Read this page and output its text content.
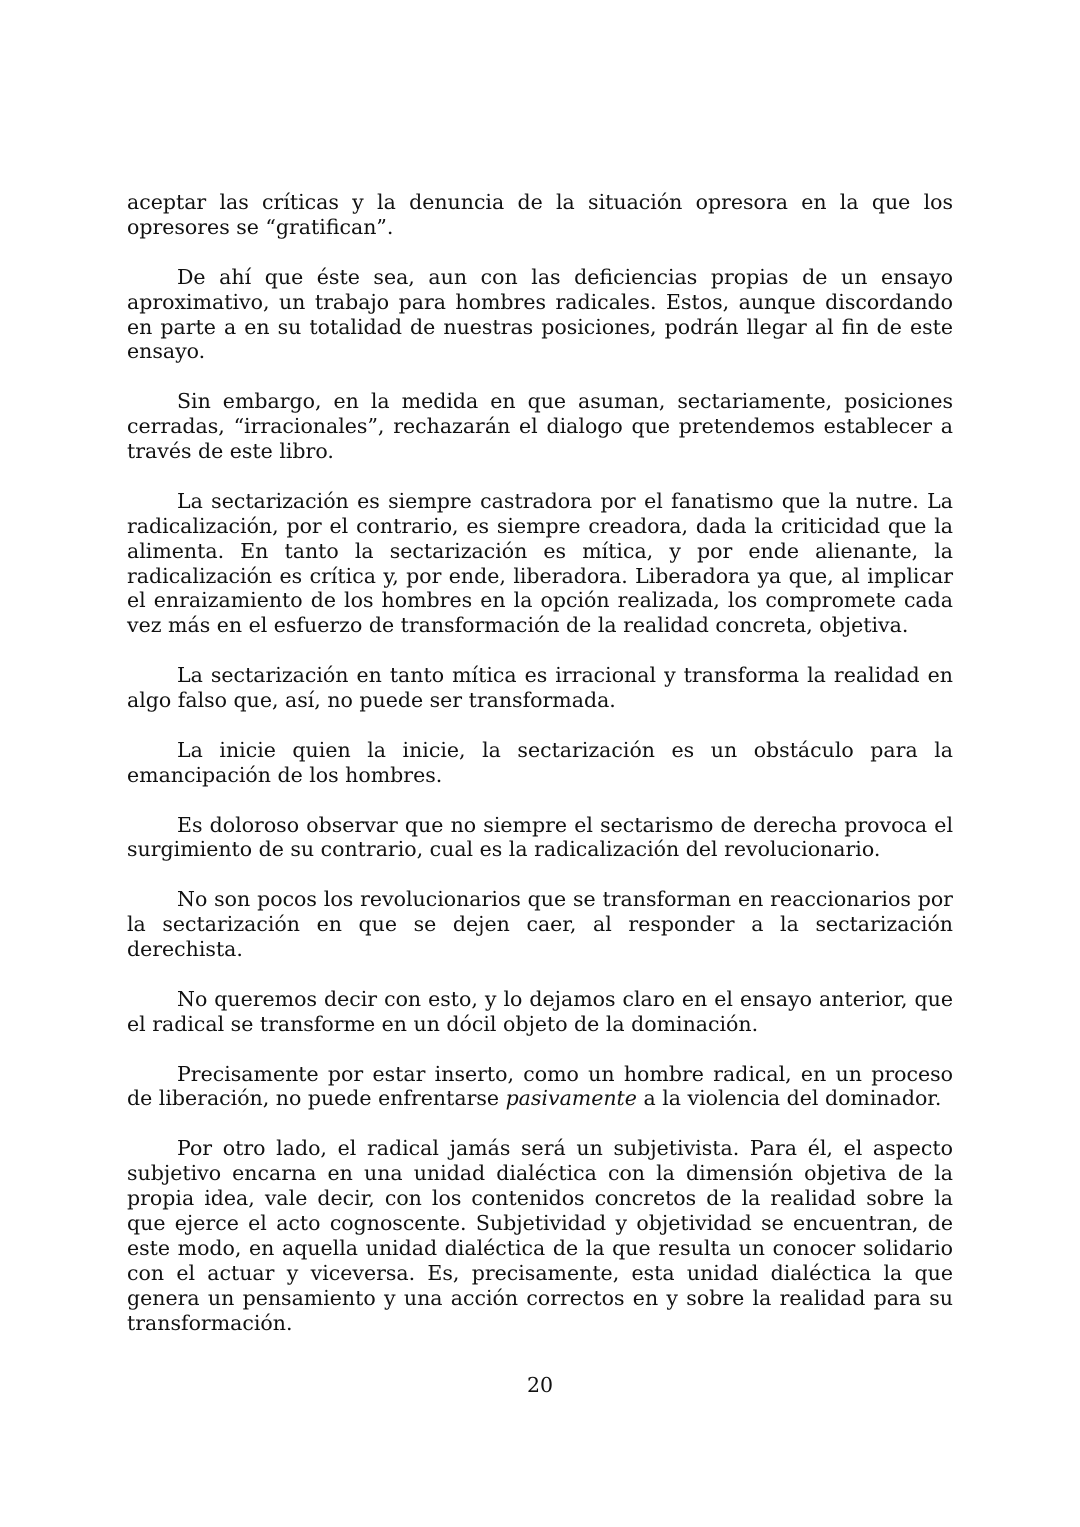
aceptar las críticas y la denuncia de la situación opresora en la que los opresores se “gratifican”.

De ahí que éste sea, aun con las deficiencias propias de un ensayo aproximativo, un trabajo para hombres radicales. Estos, aunque discordando en parte a en su totalidad de nuestras posiciones, podrán llegar al fin de este ensayo.

Sin embargo, en la medida en que asuman, sectariamente, posiciones cerradas, “irracionales”, rechazarán el dialogo que pretendemos establecer a través de este libro.

La sectarización es siempre castradora por el fanatismo que la nutre. La radicalización, por el contrario, es siempre creadora, dada la criticidad que la alimenta. En tanto la sectarización es mítica, y por ende alienante, la radicalización es crítica y, por ende, liberadora. Liberadora ya que, al implicar el enraizamiento de los hombres en la opción realizada, los compromete cada vez más en el esfuerzo de transformación de la realidad concreta, objetiva.

La sectarización en tanto mítica es irracional y transforma la realidad en algo falso que, así, no puede ser transformada.

La inicie quien la inicie, la sectarización es un obstáculo para la emancipación de los hombres.

Es doloroso observar que no siempre el sectarismo de derecha provoca el surgimiento de su contrario, cual es la radicalización del revolucionario.

No son pocos los revolucionarios que se transforman en reaccionarios por la sectarización en que se dejen caer, al responder a la sectarización derechista.

No queremos decir con esto, y lo dejamos claro en el ensayo anterior, que el radical se transforme en un dócil objeto de la dominación.

Precisamente por estar inserto, como un hombre radical, en un proceso de liberación, no puede enfrentarse pasivamente a la violencia del dominador.

Por otro lado, el radical jamás será un subjetivista. Para él, el aspecto subjetivo encarna en una unidad dialéctica con la dimensión objetiva de la propia idea, vale decir, con los contenidos concretos de la realidad sobre la que ejerce el acto cognoscente. Subjetividad y objetividad se encuentran, de este modo, en aquella unidad dialéctica de la que resulta un conocer solidario con el actuar y viceversa. Es, precisamente, esta unidad dialéctica la que genera un pensamiento y una acción correctos en y sobre la realidad para su transformación.

20
